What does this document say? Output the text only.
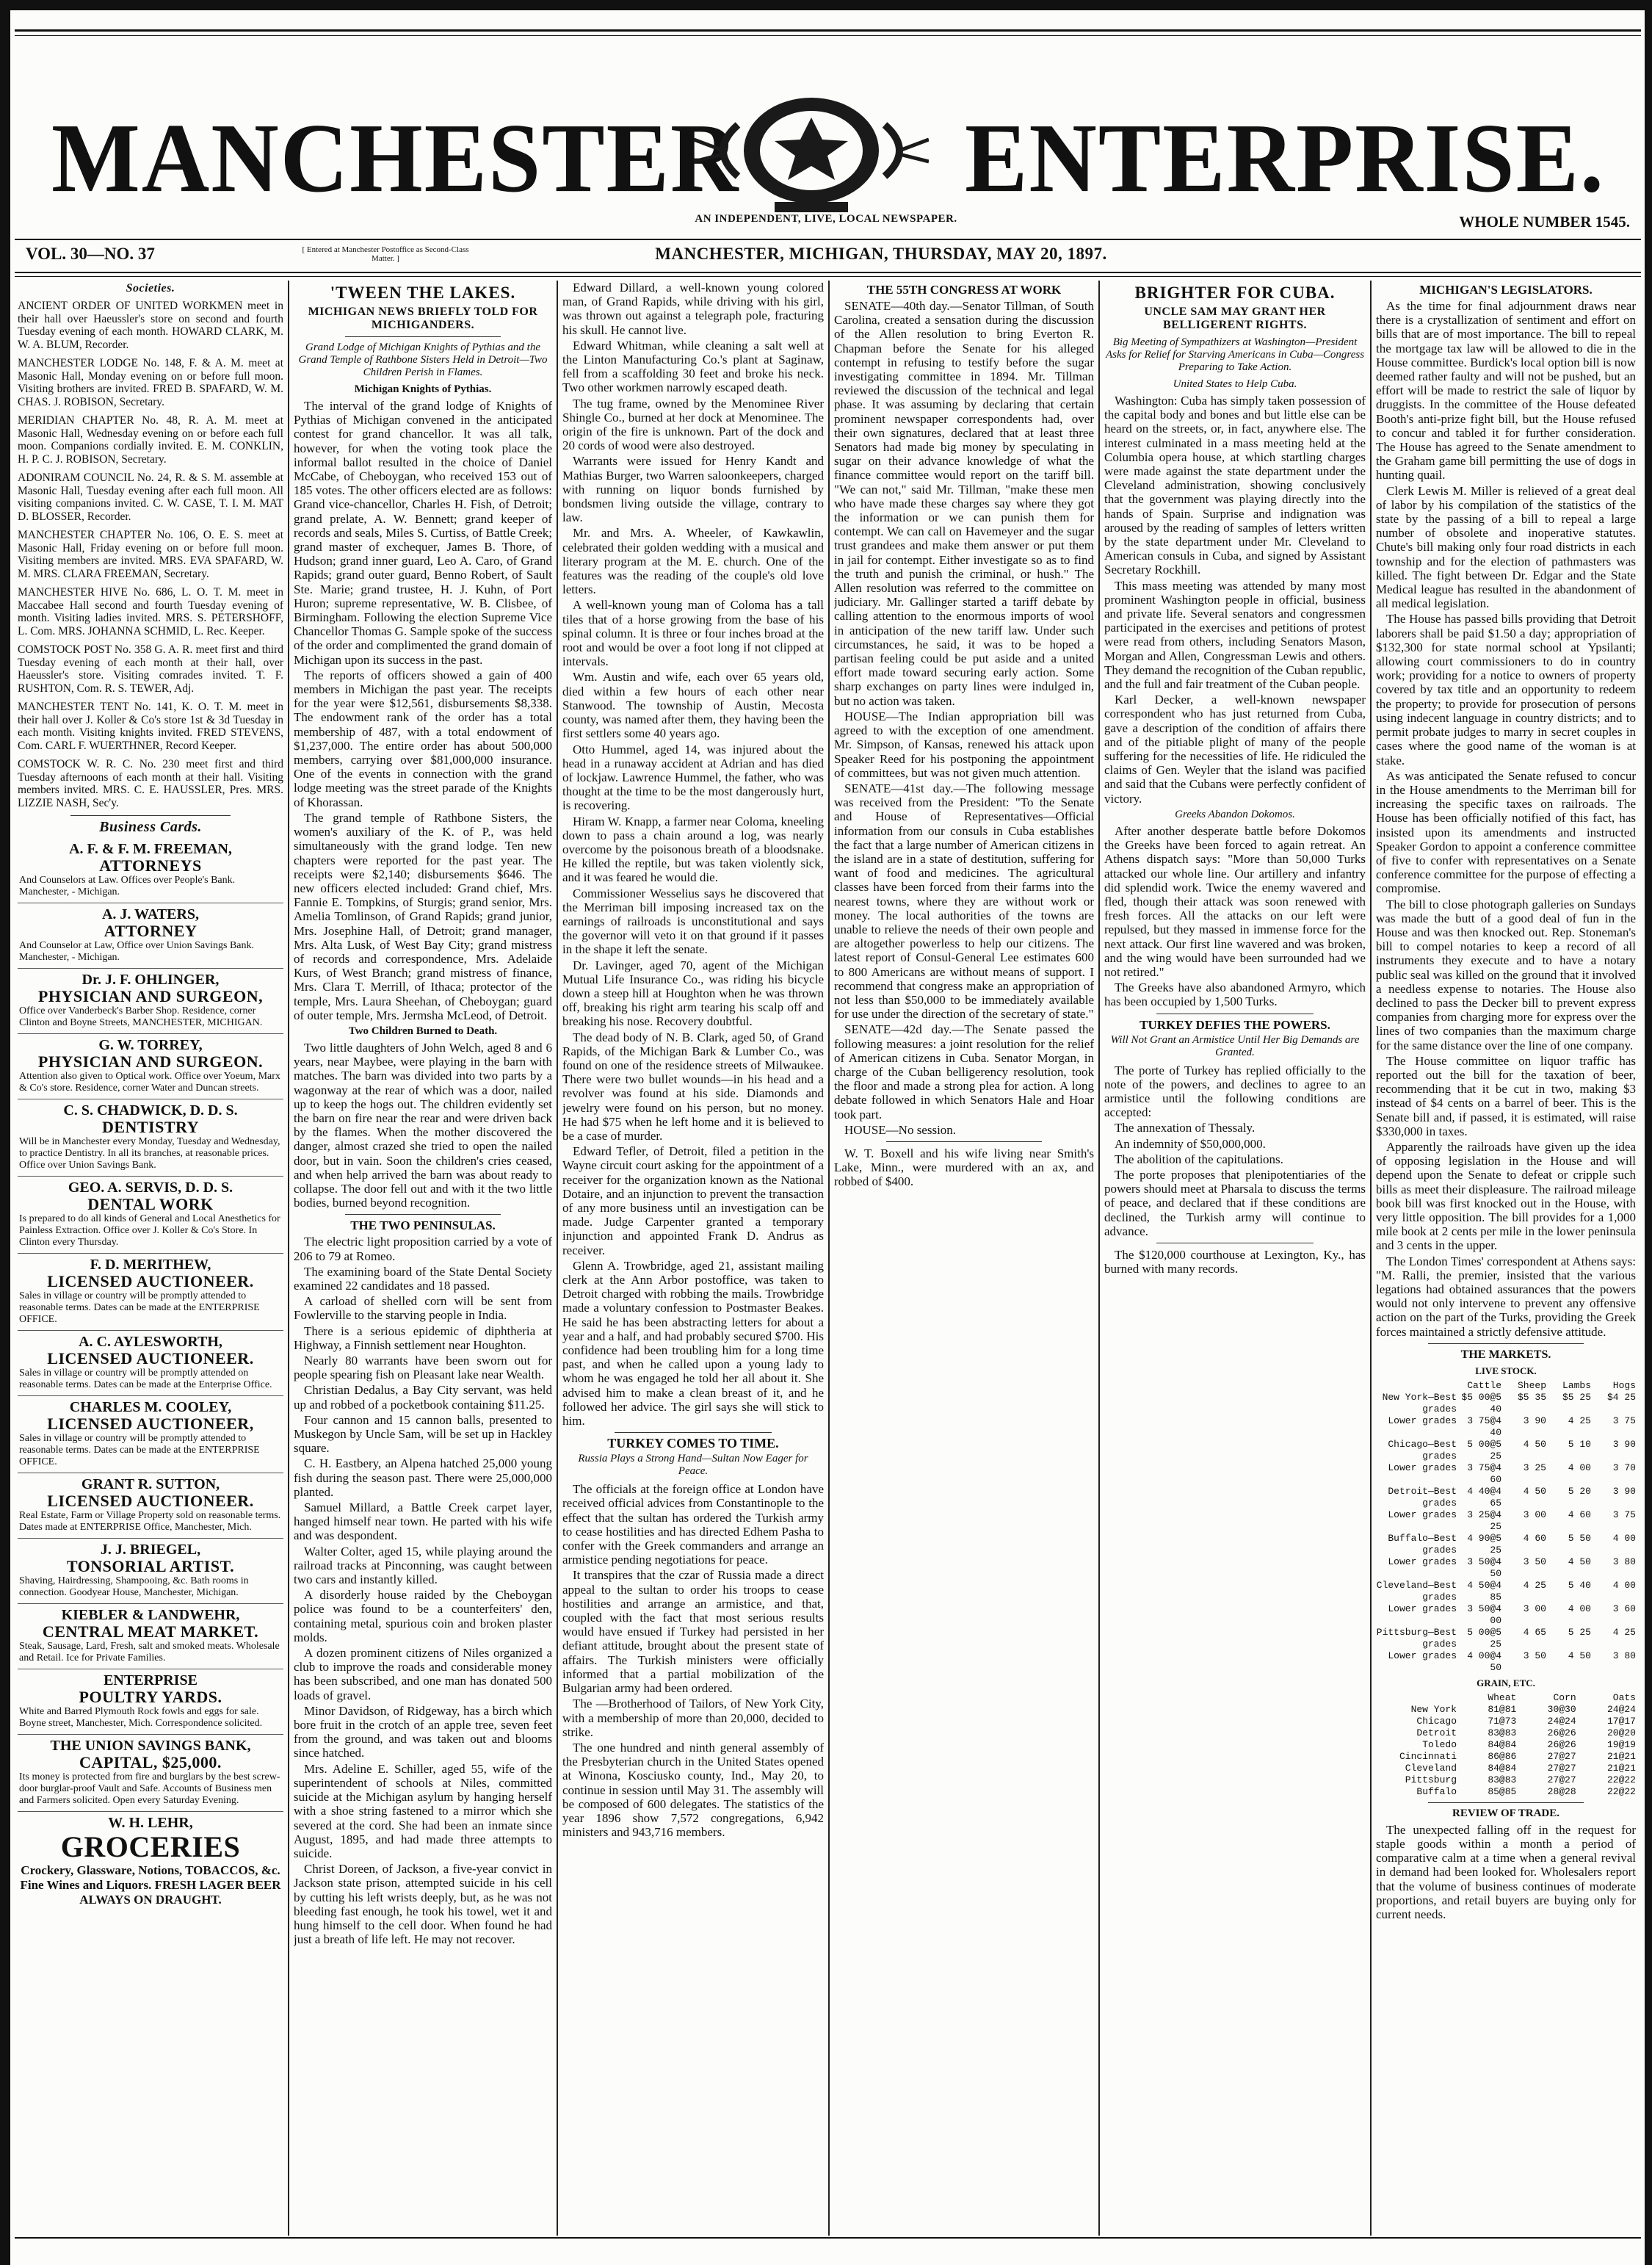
MANCHESTER	ENTERPRISE.
AN INDEPENDENT, LIVE, LOCAL NEWSPAPER.	WHOLE NUMBER 1545.
VOL. 30—NO. 37	[ Entered at Manchester Postoffice as Second-Class Matter. ]	MANCHESTER, MICHIGAN, THURSDAY, MAY 20, 1897.
Societies.

ANCIENT ORDER OF UNITED WORKMEN meet in their hall over Haeussler's store on second and fourth Tuesday evening of each month. HOWARD CLARK, M. W. A. BLUM, Recorder.

MANCHESTER LODGE No. 148, F. & A. M. meet at Masonic Hall, Monday evening on or before full moon. Visiting brothers are invited. FRED B. SPAFARD, W. M. CHAS. J. ROBISON, Secretary.

MERIDIAN CHAPTER No. 48, R. A. M. meet at Masonic Hall, Wednesday evening on or before each full moon. Companions cordially invited. E. M. CONKLIN, H. P. C. J. ROBISON, Secretary.

ADONIRAM COUNCIL No. 24, R. & S. M. assemble at Masonic Hall, Tuesday evening after each full moon. All visiting companions invited. C. W. CASE, T. I. M. MAT D. BLOSSER, Recorder.

MANCHESTER CHAPTER No. 106, O. E. S. meet at Masonic Hall, Friday evening on or before full moon. Visiting members are invited. MRS. EVA SPAFARD, W. M. MRS. CLARA FREEMAN, Secretary.

MANCHESTER HIVE No. 686, L. O. T. M. meet in Maccabee Hall second and fourth Tuesday evening of month. Visiting ladies invited. MRS. S. PETERSHOFF, L. Com. MRS. JOHANNA SCHMID, L. Rec. Keeper.

COMSTOCK POST No. 358 G. A. R. meet first and third Tuesday evening of each month at their hall, over Haeussler's store. Visiting comrades invited. T. F. RUSHTON, Com. R. S. TEWER, Adj.

MANCHESTER TENT No. 141, K. O. T. M. meet in their hall over J. Koller & Co's store 1st & 3d Tuesday in each month. Visiting knights invited. FRED STEVENS, Com. CARL F. WUERTHNER, Record Keeper.

COMSTOCK W. R. C. No. 230 meet first and third Tuesday afternoons of each month at their hall. Visiting members invited. MRS. C. E. HAUSSLER, Pres. MRS. LIZZIE NASH, Sec'y.

Business Cards.
A. F. & F. M. FREEMAN,
ATTORNEYS
And Counselors at Law. Offices over People's Bank. Manchester, - Michigan.
A. J. WATERS,
ATTORNEY
And Counselor at Law, Office over Union Savings Bank. Manchester, - Michigan.
Dr. J. F. OHLINGER,
PHYSICIAN AND SURGEON,
Office over Vanderbeck's Barber Shop. Residence, corner Clinton and Boyne Streets, MANCHESTER, MICHIGAN.
G. W. TORREY,
PHYSICIAN AND SURGEON.
Attention also given to Optical work. Office over Yoeum, Marx & Co's store. Residence, corner Water and Duncan streets.
C. S. CHADWICK, D. D. S.
DENTISTRY
Will be in Manchester every Monday, Tuesday and Wednesday, to practice Dentistry. In all its branches, at reasonable prices. Office over Union Savings Bank.
GEO. A. SERVIS, D. D. S.
DENTAL WORK
Is prepared to do all kinds of General and Local Anesthetics for Painless Extraction. Office over J. Koller & Co's Store. In Clinton every Thursday.
F. D. MERITHEW,
LICENSED AUCTIONEER.
Sales in village or country will be promptly attended to reasonable terms. Dates can be made at the ENTERPRISE OFFICE.
A. C. AYLESWORTH,
LICENSED AUCTIONEER.
Sales in village or country will be promptly attended on reasonable terms. Dates can be made at the Enterprise Office.
CHARLES M. COOLEY,
LICENSED AUCTIONEER,
Sales in village or country will be promptly attended to reasonable terms. Dates can be made at the ENTERPRISE OFFICE.
GRANT R. SUTTON,
LICENSED AUCTIONEER.
Real Estate, Farm or Village Property sold on reasonable terms. Dates made at ENTERPRISE Office, Manchester, Mich.
J. J. BRIEGEL,
TONSORIAL ARTIST.
Shaving, Hairdressing, Shampooing, &c. Bath rooms in connection. Goodyear House, Manchester, Michigan.
KIEBLER & LANDWEHR,
CENTRAL MEAT MARKET.
Steak, Sausage, Lard, Fresh, salt and smoked meats. Wholesale and Retail. Ice for Private Families.
ENTERPRISE
POULTRY YARDS.
White and Barred Plymouth Rock fowls and eggs for sale. Boyne street, Manchester, Mich. Correspondence solicited.
THE UNION SAVINGS BANK,
CAPITAL, $25,000.
Its money is protected from fire and burglars by the best screw-door burglar-proof Vault and Safe. Accounts of Business men and Farmers solicited. Open every Saturday Evening.
W. H. LEHR,
GROCERIES
Crockery, Glassware, Notions, TOBACCOS, &c. Fine Wines and Liquors. FRESH LAGER BEER ALWAYS ON DRAUGHT.
'TWEEN THE LAKES.
MICHIGAN NEWS BRIEFLY TOLD FOR MICHIGANDERS.
Grand Lodge of Michigan Knights of Pythias and the Grand Temple of Rathbone Sisters Held in Detroit—Two Children Perish in Flames.
Michigan Knights of Pythias.

The interval of the grand lodge of Knights of Pythias of Michigan convened in the anticipated contest for grand chancellor. It was all talk, however, for when the voting took place the informal ballot resulted in the choice of Daniel McCabe, of Cheboygan, who received 153 out of 185 votes. The other officers elected are as follows: Grand vice-chancellor, Charles H. Fish, of Detroit; grand prelate, A. W. Bennett; grand keeper of records and seals, Miles S. Curtiss, of Battle Creek; grand master of exchequer, James B. Thore, of Hudson; grand inner guard, Leo A. Caro, of Grand Rapids; grand outer guard, Benno Robert, of Sault Ste. Marie; grand trustee, H. J. Kuhn, of Port Huron; supreme representative, W. B. Clisbee, of Birmingham. Following the election Supreme Vice Chancellor Thomas G. Sample spoke of the success of the order and complimented the grand domain of Michigan upon its success in the past.

The reports of officers showed a gain of 400 members in Michigan the past year. The receipts for the year were $12,561, disbursements $8,338. The endowment rank of the order has a total membership of 487, with a total endowment of $1,237,000. The entire order has about 500,000 members, carrying over $81,000,000 insurance. One of the events in connection with the grand lodge meeting was the street parade of the Knights of Khorassan.

The grand temple of Rathbone Sisters, the women's auxiliary of the K. of P., was held simultaneously with the grand lodge. Ten new chapters were reported for the past year. The receipts were $2,140; disbursements $646. The new officers elected included: Grand chief, Mrs. Fannie E. Tompkins, of Sturgis; grand senior, Mrs. Amelia Tomlinson, of Grand Rapids; grand junior, Mrs. Josephine Hall, of Detroit; grand manager, Mrs. Alta Lusk, of West Bay City; grand mistress of records and correspondence, Mrs. Adelaide Kurs, of West Branch; grand mistress of finance, Mrs. Clara T. Merrill, of Ithaca; protector of the temple, Mrs. Laura Sheehan, of Cheboygan; guard of outer temple, Mrs. Jermsha McLeod, of Detroit.

Two Children Burned to Death.

Two little daughters of John Welch, aged 8 and 6 years, near Maybee, were playing in the barn with matches. The barn was divided into two parts by a wagonway at the rear of which was a door, nailed up to keep the hogs out. The children evidently set the barn on fire near the rear and were driven back by the flames. When the mother discovered the danger, almost crazed she tried to open the nailed door, but in vain. Soon the children's cries ceased, and when help arrived the barn was about ready to collapse. The door fell out and with it the two little bodies, burned beyond recognition.

THE TWO PENINSULAS.

The electric light proposition carried by a vote of 206 to 79 at Romeo.

The examining board of the State Dental Society examined 22 candidates and 18 passed.

A carload of shelled corn will be sent from Fowlerville to the starving people in India.

There is a serious epidemic of diphtheria at Highway, a Finnish settlement near Houghton.

Nearly 80 warrants have been sworn out for people spearing fish on Pleasant lake near Wealth.

Christian Dedalus, a Bay City servant, was held up and robbed of a pocketbook containing $11.25.

Four cannon and 15 cannon balls, presented to Muskegon by Uncle Sam, will be set up in Hackley square.

C. H. Eastbery, an Alpena hatched 25,000 young fish during the season past. There were 25,000,000 planted.

Samuel Millard, a Battle Creek carpet layer, hanged himself near town. He parted with his wife and was despondent.

Walter Colter, aged 15, while playing around the railroad tracks at Pinconning, was caught between two cars and instantly killed.

A disorderly house raided by the Cheboygan police was found to be a counterfeiters' den, containing metal, spurious coin and broken plaster molds.

A dozen prominent citizens of Niles organized a club to improve the roads and considerable money has been subscribed, and one man has donated 500 loads of gravel.

Minor Davidson, of Ridgeway, has a birch which bore fruit in the crotch of an apple tree, seven feet from the ground, and was taken out and blooms since hatched.

Mrs. Adeline E. Schiller, aged 55, wife of the superintendent of schools at Niles, committed suicide at the Michigan asylum by hanging herself with a shoe string fastened to a mirror which she severed at the cord. She had been an inmate since August, 1895, and had made three attempts to suicide.

Christ Doreen, of Jackson, a five-year convict in Jackson state prison, attempted suicide in his cell by cutting his left wrists deeply, but, as he was not bleeding fast enough, he took his towel, wet it and hung himself to the cell door. When found he had just a breath of life left. He may not recover.

Edward Dillard, a well-known young colored man, of Grand Rapids, while driving with his girl, was thrown out against a telegraph pole, fracturing his skull. He cannot live.

Edward Whitman, while cleaning a salt well at the Linton Manufacturing Co.'s plant at Saginaw, fell from a scaffolding 30 feet and broke his neck. Two other workmen narrowly escaped death.

The tug frame, owned by the Menominee River Shingle Co., burned at her dock at Menominee. The origin of the fire is unknown. Part of the dock and 20 cords of wood were also destroyed.

Warrants were issued for Henry Kandt and Mathias Burger, two Warren saloonkeepers, charged with running on liquor bonds furnished by bondsmen living outside the village, contrary to law.

Mr. and Mrs. A. Wheeler, of Kawkawlin, celebrated their golden wedding with a musical and literary program at the M. E. church. One of the features was the reading of the couple's old love letters.

A well-known young man of Coloma has a tall tiles that of a horse growing from the base of his spinal column. It is three or four inches broad at the root and would be over a foot long if not clipped at intervals.

Wm. Austin and wife, each over 65 years old, died within a few hours of each other near Stanwood. The township of Austin, Mecosta county, was named after them, they having been the first settlers some 40 years ago.

Otto Hummel, aged 14, was injured about the head in a runaway accident at Adrian and has died of lockjaw. Lawrence Hummel, the father, who was thought at the time to be the most dangerously hurt, is recovering.

Hiram W. Knapp, a farmer near Coloma, kneeling down to pass a chain around a log, was nearly overcome by the poisonous breath of a bloodsnake. He killed the reptile, but was taken violently sick, and it was feared he would die.

Commissioner Wesselius says he discovered that the Merriman bill imposing increased tax on the earnings of railroads is unconstitutional and says the governor will veto it on that ground if it passes in the shape it left the senate.

Dr. Lavinger, aged 70, agent of the Michigan Mutual Life Insurance Co., was riding his bicycle down a steep hill at Houghton when he was thrown off, breaking his right arm tearing his scalp off and breaking his nose. Recovery doubtful.

The dead body of N. B. Clark, aged 50, of Grand Rapids, of the Michigan Bark & Lumber Co., was found on one of the residence streets of Milwaukee. There were two bullet wounds—in his head and a revolver was found at his side. Diamonds and jewelry were found on his person, but no money. He had $75 when he left home and it is believed to be a case of murder.

Edward Tefler, of Detroit, filed a petition in the Wayne circuit court asking for the appointment of a receiver for the organization known as the National Dotaire, and an injunction to prevent the transaction of any more business until an investigation can be made. Judge Carpenter granted a temporary injunction and appointed Frank D. Andrus as receiver.

Glenn A. Trowbridge, aged 21, assistant mailing clerk at the Ann Arbor postoffice, was taken to Detroit charged with robbing the mails. Trowbridge made a voluntary confession to Postmaster Beakes. He said he has been abstracting letters for about a year and a half, and had probably secured $700. His confidence had been troubling him for a long time past, and when he called upon a young lady to whom he was engaged he told her all about it. She advised him to make a clean breast of it, and he followed her advice. The girl says she will stick to him.

TURKEY COMES TO TIME.
Russia Plays a Strong Hand—Sultan Now Eager for Peace.

The officials at the foreign office at London have received official advices from Constantinople to the effect that the sultan has ordered the Turkish army to cease hostilities and has directed Edhem Pasha to confer with the Greek commanders and arrange an armistice pending negotiations for peace.

It transpires that the czar of Russia made a direct appeal to the sultan to order his troops to cease hostilities and arrange an armistice, and that, coupled with the fact that most serious results would have ensued if Turkey had persisted in her defiant attitude, brought about the present state of affairs. The Turkish ministers were officially informed that a partial mobilization of the Bulgarian army had been ordered.

The —Brotherhood of Tailors, of New York City, with a membership of more than 20,000, decided to strike.

The one hundred and ninth general assembly of the Presbyterian church in the United States opened at Winona, Kosciusko county, Ind., May 20, to continue in session until May 31. The assembly will be composed of 600 delegates. The statistics of the year 1896 show 7,572 congregations, 6,942 ministers and 943,716 members.

THE 55TH CONGRESS AT WORK

SENATE—40th day.—Senator Tillman, of South Carolina, created a sensation during the discussion of the Allen resolution to bring Everton R. Chapman before the Senate for his alleged contempt in refusing to testify before the sugar investigating committee in 1894. Mr. Tillman reviewed the discussion of the technical and legal phase. It was assuming by declaring that certain prominent newspaper correspondents had, over their own signatures, declared that at least three Senators had made big money by speculating in sugar on their advance knowledge of what the finance committee would report on the tariff bill. "We can not," said Mr. Tillman, "make these men who have made these charges say where they got the information or we can punish them for contempt. We can call on Havemeyer and the sugar trust grandees and make them answer or put them in jail for contempt. Either investigate so as to find the truth and punish the criminal, or hush." The Allen resolution was referred to the committee on judiciary. Mr. Gallinger started a tariff debate by calling attention to the enormous imports of wool in anticipation of the new tariff law. Under such circumstances, he said, it was to be hoped a partisan feeling could be put aside and a united effort made toward securing early action. Some sharp exchanges on party lines were indulged in, but no action was taken.

HOUSE—The Indian appropriation bill was agreed to with the exception of one amendment. Mr. Simpson, of Kansas, renewed his attack upon Speaker Reed for his postponing the appointment of committees, but was not given much attention.

SENATE—41st day.—The following message was received from the President: "To the Senate and House of Representatives—Official information from our consuls in Cuba establishes the fact that a large number of American citizens in the island are in a state of destitution, suffering for want of food and medicines. The agricultural classes have been forced from their farms into the nearest towns, where they are without work or money. The local authorities of the towns are unable to relieve the needs of their own people and are altogether powerless to help our citizens. The latest report of Consul-General Lee estimates 600 to 800 Americans are without means of support. I recommend that congress make an appropriation of not less than $50,000 to be immediately available for use under the direction of the secretary of state."

SENATE—42d day.—The Senate passed the following measures: a joint resolution for the relief of American citizens in Cuba. Senator Morgan, in charge of the Cuban belligerency resolution, took the floor and made a strong plea for action. A long debate followed in which Senators Hale and Hoar took part.

HOUSE—No session.

W. T. Boxell and his wife living near Smith's Lake, Minn., were murdered with an ax, and robbed of $400.

BRIGHTER FOR CUBA.
UNCLE SAM MAY GRANT HER BELLIGERENT RIGHTS.
Big Meeting of Sympathizers at Washington—President Asks for Relief for Starving Americans in Cuba—Congress Preparing to Take Action.
United States to Help Cuba.

Washington: Cuba has simply taken possession of the capital body and bones and but little else can be heard on the streets, or, in fact, anywhere else. The interest culminated in a mass meeting held at the Columbia opera house, at which startling charges were made against the state department under the Cleveland administration, showing conclusively that the government was playing directly into the hands of Spain. Surprise and indignation was aroused by the reading of samples of letters written by the state department under Mr. Cleveland to American consuls in Cuba, and signed by Assistant Secretary Rockhill.

This mass meeting was attended by many most prominent Washington people in official, business and private life. Several senators and congressmen participated in the exercises and petitions of protest were read from others, including Senators Mason, Morgan and Allen, Congressman Lewis and others. They demand the recognition of the Cuban republic, and the full and fair treatment of the Cuban people.

Karl Decker, a well-known newspaper correspondent who has just returned from Cuba, gave a description of the condition of affairs there and of the pitiable plight of many of the people suffering for the necessities of life. He ridiculed the claims of Gen. Weyler that the island was pacified and said that the Cubans were perfectly confident of victory.

Greeks Abandon Dokomos.

After another desperate battle before Dokomos the Greeks have been forced to again retreat. An Athens dispatch says: "More than 50,000 Turks attacked our whole line. Our artillery and infantry did splendid work. Twice the enemy wavered and fled, though their attack was soon renewed with fresh forces. All the attacks on our left were repulsed, but they massed in immense force for the next attack. Our first line wavered and was broken, and the wing would have been surrounded had we not retired."

The Greeks have also abandoned Armyro, which has been occupied by 1,500 Turks.

TURKEY DEFIES THE POWERS.
Will Not Grant an Armistice Until Her Big Demands are Granted.

The porte of Turkey has replied officially to the note of the powers, and declines to agree to an armistice until the following conditions are accepted:

The annexation of Thessaly.

An indemnity of $50,000,000.

The abolition of the capitulations.

The porte proposes that plenipotentiaries of the powers should meet at Pharsala to discuss the terms of peace, and declared that if these conditions are declined, the Turkish army will continue to advance.

The $120,000 courthouse at Lexington, Ky., has burned with many records.

MICHIGAN'S LEGISLATORS.

As the time for final adjournment draws near there is a crystallization of sentiment and effort on bills that are of most importance. The bill to repeal the mortgage tax law will be allowed to die in the House committee. Burdick's local option bill is now deemed rather faulty and will not be pushed, but an effort will be made to restrict the sale of liquor by druggists. In the committee of the House defeated Booth's anti-prize fight bill, but the House refused to concur and tabled it for further consideration. The House has agreed to the Senate amendment to the Graham game bill permitting the use of dogs in hunting quail.

Clerk Lewis M. Miller is relieved of a great deal of labor by his compilation of the statistics of the state by the passing of a bill to repeal a large number of obsolete and inoperative statutes. Chute's bill making only four road districts in each township and for the election of pathmasters was killed. The fight between Dr. Edgar and the State Medical league has resulted in the abandonment of all medical legislation.

The House has passed bills providing that Detroit laborers shall be paid $1.50 a day; appropriation of $132,300 for state normal school at Ypsilanti; allowing court commissioners to do in country work; providing for a notice to owners of property covered by tax title and an opportunity to redeem the property; to provide for prosecution of persons using indecent language in country districts; and to permit probate judges to marry in secret couples in cases where the good name of the woman is at stake.

As was anticipated the Senate refused to concur in the House amendments to the Merriman bill for increasing the specific taxes on railroads. The House has been officially notified of this fact, has insisted upon its amendments and instructed Speaker Gordon to appoint a conference committee of five to confer with representatives on a Senate conference committee for the purpose of effecting a compromise.

The bill to close photograph galleries on Sundays was made the butt of a good deal of fun in the House and was then knocked out. Rep. Stoneman's bill to compel notaries to keep a record of all instruments they execute and to have a notary public seal was killed on the ground that it involved a needless expense to notaries. The House also declined to pass the Decker bill to prevent express companies from charging more for express over the lines of two companies than the maximum charge for the same distance over the line of one company.

The House committee on liquor traffic has reported out the bill for the taxation of beer, recommending that it be cut in two, making $3 instead of $4 cents on a barrel of beer. This is the Senate bill and, if passed, it is estimated, will raise $330,000 in taxes.

Apparently the railroads have given up the idea of opposing legislation in the House and will depend upon the Senate to defeat or cripple such bills as meet their displeasure. The railroad mileage book bill was first knocked out in the House, with very little opposition. The bill provides for a 1,000 mile book at 2 cents per mile in the lower peninsula and 3 cents in the upper.

The London Times' correspondent at Athens says: "M. Ralli, the premier, insisted that the various legations had obtained assurances that the powers would not only intervene to prevent any offensive action on the part of the Turks, providing the Greek forces maintained a strictly defensive attitude.

THE MARKETS.
LIVE STOCK.
Cattle	Sheep	Lambs	Hogs
New York—Best grades
$5 00@5 40
$5 35	$5 25	$4 25
Lower grades	3 75@4 40
3 90	4 25	3 75
Chicago—Best grades
5 00@5 25
4 50	5 10	3 90
Lower grades	3 75@4 60
3 25	4 00	3 70
Detroit—Best grades
4 40@4 65
4 50	5 20	3 90
Lower grades	3 25@4 25
3 00	4 60	3 75
Buffalo—Best grades
4 90@5 25
4 60	5 50	4 00
Lower grades	3 50@4 50
3 50	4 50	3 80
Cleveland—Best grades
4 50@4 85
4 25	5 40	4 00
Lower grades	3 50@4 00
3 00	4 00	3 60
Pittsburg—Best grades
5 00@5 25
4 65	5 25	4 25
Lower grades	4 00@4 50
3 50	4 50	3 80
GRAIN, ETC.
Wheat	Corn	Oats
New York	81@81	30@30	24@24
Chicago	71@73	24@24	17@17
Detroit	83@83	26@26	20@20
Toledo	84@84	26@26	19@19
Cincinnati	86@86	27@27	21@21
Cleveland	84@84	27@27	21@21
Pittsburg	83@83	27@27	22@22
Buffalo	85@85	28@28	22@22
REVIEW OF TRADE.

The unexpected falling off in the request for staple goods within a month a period of comparative calm at a time when a general revival in demand had been looked for. Wholesalers report that the volume of business continues of moderate proportions, and retail buyers are buying only for current needs.
